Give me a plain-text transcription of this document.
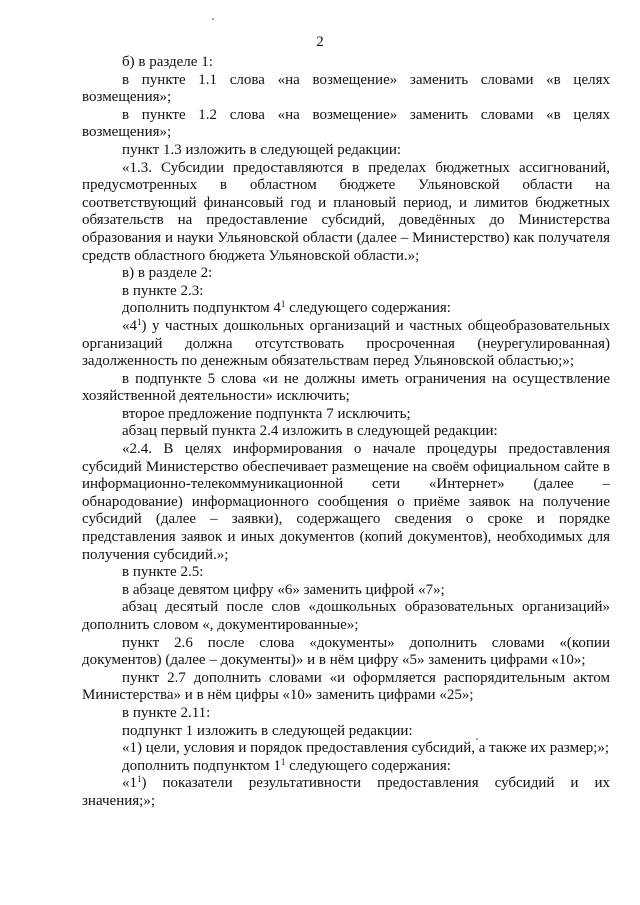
2

б) в разделе 1:

в пункте 1.1 слова «на возмещение» заменить словами «в целях возмещения»;

в пункте 1.2 слова «на возмещение» заменить словами «в целях возмещения»;

пункт 1.3 изложить в следующей редакции:

«1.3. Субсидии предоставляются в пределах бюджетных ассигнований, предусмотренных в областном бюджете Ульяновской области на соответствующий финансовый год и плановый период, и лимитов бюджетных обязательств на предоставление субсидий, доведённых до Министерства образования и науки Ульяновской области (далее – Министерство) как получателя средств областного бюджета Ульяновской области.»;

в) в разделе 2:

в пункте 2.3:

дополнить подпунктом $4^1$ следующего содержания:

«$4^1$) у частных дошкольных организаций и частных общеобразовательных организаций должна отсутствовать просроченная (неурегулированная) задолженность по денежным обязательствам перед Ульяновской областью;»;

в подпункте 5 слова «и не должны иметь ограничения на осуществление хозяйственной деятельности» исключить;

второе предложение подпункта 7 исключить;

абзац первый пункта 2.4 изложить в следующей редакции:

«2.4. В целях информирования о начале процедуры предоставления субсидий Министерство обеспечивает размещение на своём официальном сайте в информационно-телекоммуникационной сети «Интернет» (далее – обнародование) информационного сообщения о приёме заявок на получение субсидий (далее – заявки), содержащего сведения о сроке и порядке представления заявок и иных документов (копий документов), необходимых для получения субсидий.»;

в пункте 2.5:

в абзаце девятом цифру «6» заменить цифрой «7»;

абзац десятый после слов «дошкольных образовательных организаций» дополнить словом «, документированные»;

пункт 2.6 после слова «документы» дополнить словами «(копии документов) (далее – документы)» и в нём цифру «5» заменить цифрами «10»;

пункт 2.7 дополнить словами «и оформляется распорядительным актом Министерства» и в нём цифры «10» заменить цифрами «25»;

в пункте 2.11:

подпункт 1 изложить в следующей редакции:

«1) цели, условия и порядок предоставления субсидий, а также их размер;»;

дополнить подпунктом $1^1$ следующего содержания:

«$1^1$) показатели результативности предоставления субсидий и их значения;»;
